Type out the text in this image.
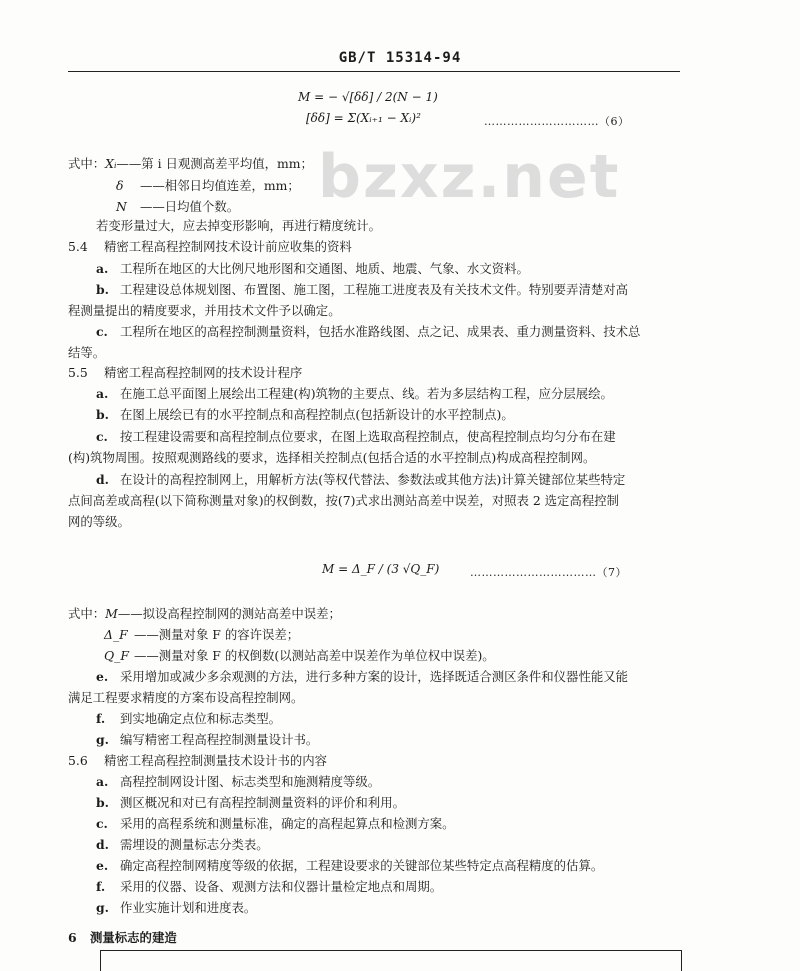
GB/T 15314-94
bzxz.net
M = − √[δδ] / 2(N − 1)
[δδ] = Σ(Xᵢ₊₁ − Xᵢ)²	…………………………（6）
式中：Xᵢ——第 i 日观测高差平均值，mm；
δ ——相邻日均值连差，mm；
N ——日均值个数。
若变形量过大，应去掉变形影响，再进行精度统计。
5.4 精密工程高程控制网技术设计前应收集的资料
a. 工程所在地区的大比例尺地形图和交通图、地质、地震、气象、水文资料。
b. 工程建设总体规划图、布置图、施工图，工程施工进度表及有关技术文件。特别要弄清楚对高
程测量提出的精度要求，并用技术文件予以确定。
c. 工程所在地区的高程控制测量资料，包括水准路线图、点之记、成果表、重力测量资料、技术总
结等。
5.5 精密工程高程控制网的技术设计程序
a. 在施工总平面图上展绘出工程建(构)筑物的主要点、线。若为多层结构工程，应分层展绘。
b. 在图上展绘已有的水平控制点和高程控制点(包括新设计的水平控制点)。
c. 按工程建设需要和高程控制点位要求，在图上选取高程控制点，使高程控制点均匀分布在建
(构)筑物周围。按照观测路线的要求，选择相关控制点(包括合适的水平控制点)构成高程控制网。
d. 在设计的高程控制网上，用解析方法(等权代替法、参数法或其他方法)计算关键部位某些特定
点间高差或高程(以下简称测量对象)的权倒数，按(7)式求出测站高差中误差，对照表 2 选定高程控制
网的等级。
M = Δ_F / (3 √Q_F)	……………………………（7）
式中：M——拟设高程控制网的测站高差中误差；
Δ_F ——测量对象 F 的容许误差；
Q_F ——测量对象 F 的权倒数(以测站高差中误差作为单位权中误差)。
e. 采用增加或减少多余观测的方法，进行多种方案的设计，选择既适合测区条件和仪器性能又能
满足工程要求精度的方案布设高程控制网。
f. 到实地确定点位和标志类型。
g. 编写精密工程高程控制测量设计书。
5.6 精密工程高程控制测量技术设计书的内容
a. 高程控制网设计图、标志类型和施测精度等级。
b. 测区概况和对已有高程控制测量资料的评价和利用。
c. 采用的高程系统和测量标准，确定的高程起算点和检测方案。
d. 需埋设的测量标志分类表。
e. 确定高程控制网精度等级的依据，工程建设要求的关键部位某些特定点高程精度的估算。
f. 采用的仪器、设备、观测方法和仪器计量检定地点和周期。
g. 作业实施计划和进度表。
6 测量标志的建造
